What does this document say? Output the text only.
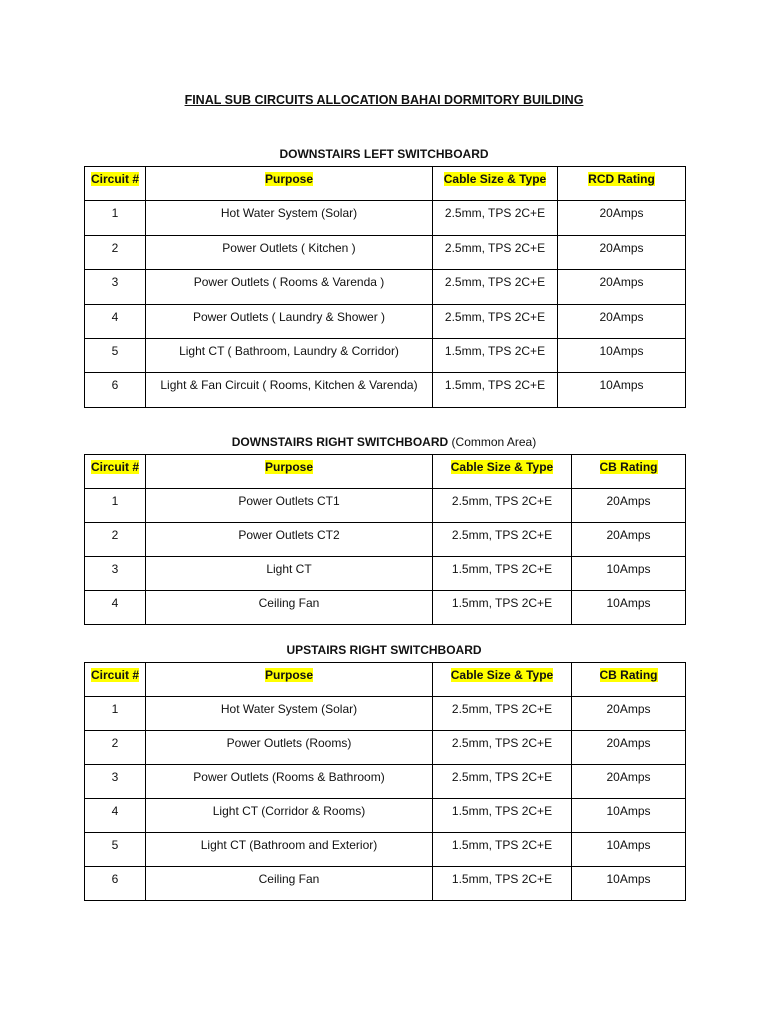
FINAL SUB CIRCUITS ALLOCATION BAHAI DORMITORY BUILDING
DOWNSTAIRS LEFT SWITCHBOARD
Circuit #	Purpose	Cable Size & Type	RCD Rating
1	Hot Water System (Solar)	2.5mm, TPS 2C+E	20Amps
2	Power Outlets ( Kitchen )	2.5mm, TPS 2C+E	20Amps
3	Power Outlets ( Rooms & Varenda )	2.5mm, TPS 2C+E	20Amps
4	Power Outlets ( Laundry & Shower )	2.5mm, TPS 2C+E	20Amps
5	Light CT ( Bathroom, Laundry & Corridor)	1.5mm, TPS 2C+E	10Amps
6	Light & Fan Circuit ( Rooms, Kitchen & Varenda)	1.5mm, TPS 2C+E	10Amps
DOWNSTAIRS RIGHT SWITCHBOARD (Common Area)
Circuit #	Purpose	Cable Size & Type	CB Rating
1	Power Outlets CT1	2.5mm, TPS 2C+E	20Amps
2	Power Outlets CT2	2.5mm, TPS 2C+E	20Amps
3	Light CT	1.5mm, TPS 2C+E	10Amps
4	Ceiling Fan	1.5mm, TPS 2C+E	10Amps
UPSTAIRS RIGHT SWITCHBOARD
Circuit #	Purpose	Cable Size & Type	CB Rating
1	Hot Water System (Solar)	2.5mm, TPS 2C+E	20Amps
2	Power Outlets (Rooms)	2.5mm, TPS 2C+E	20Amps
3	Power Outlets (Rooms & Bathroom)	2.5mm, TPS 2C+E	20Amps
4	Light CT (Corridor & Rooms)	1.5mm, TPS 2C+E	10Amps
5	Light CT (Bathroom and Exterior)	1.5mm, TPS 2C+E	10Amps
6	Ceiling Fan	1.5mm, TPS 2C+E	10Amps
